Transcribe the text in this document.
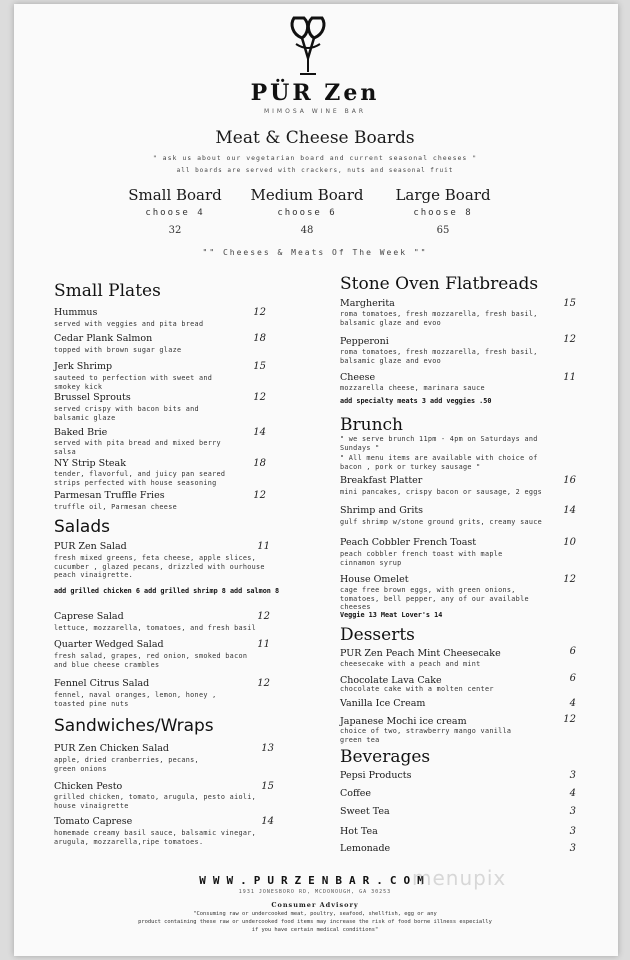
PÜR Zen
MIMOSA WINE BAR
Meat & Cheese Boards
" ask us about our vegetarian board and current seasonal cheeses "
all boards are served with crackers, nuts and seasonal fruit
Small Board
choose 4
32
Medium Board
choose 6
48
Large Board
choose 8
65
"" Cheeses & Meats Of The Week ""
Small Plates
Hummus	12
served with veggies and pita bread
Cedar Plank Salmon	18
topped with brown sugar glaze
Jerk Shrimp	15
sauteed to perfection with sweet and smokey kick
Brussel Sprouts	12
served crispy with bacon bits and balsamic glaze
Baked Brie	14
served with pita bread and mixed berry salsa
NY Strip Steak	18
tender, flavorful, and juicy pan seared strips perfected with house seasoning
Parmesan Truffle Fries	12
truffle oil, Parmesan cheese
Salads
PUR Zen Salad	11
fresh mixed greens, feta cheese, apple slices, cucumber , glazed pecans, drizzled with ourhouse peach vinaigrette.
add grilled chicken 6 add grilled shrimp 8 add salmon 8
Caprese Salad	12
lettuce, mozzarella, tomatoes, and fresh basil
Quarter Wedged Salad	11
fresh salad, grapes, red onion, smoked bacon and blue cheese crambles
Fennel Citrus Salad	12
fennel, naval oranges, lemon, honey , toasted pine nuts
Sandwiches/Wraps
PUR Zen Chicken Salad	13
apple, dried cranberries, pecans, green onions
Chicken Pesto	15
grilled chicken, tomato, arugula, pesto aioli, house vinaigrette
Tomato Caprese	14
homemade creamy basil sauce, balsamic vinegar, arugula, mozzarella,ripe tomatoes.
Stone Oven Flatbreads
Margherita	15
roma tomatoes, fresh mozzarella, fresh basil, balsamic glaze and evoo
Pepperoni	12
roma tomatoes, fresh mozzarella, fresh basil, balsamic glaze and evoo
Cheese	11
mozzarella cheese, marinara sauce
add specialty meats 3 add veggies .50
Brunch
" we serve brunch 11pm - 4pm on Saturdays and Sundays "
" All menu items are available with choice of bacon , pork or turkey sausage "
Breakfast Platter	16
mini pancakes, crispy bacon or sausage, 2 eggs
Shrimp and Grits	14
gulf shrimp w/stone ground grits, creamy sauce
Peach Cobbler French Toast	10
peach cobbler french toast with maple cinnamon syrup
House Omelet	12
cage free brown eggs, with green onions, tomatoes, bell pepper, any of our available cheeses
Veggie 13 Meat Lover's 14
Desserts
PUR Zen Peach Mint Cheesecake	6
cheesecake with a peach and mint
Chocolate Lava Cake	6
chocolate cake with a molten center
Vanilla Ice Cream	4
Japanese Mochi ice cream	12
choice of two, strawberry mango vanilla green tea
Beverages
Pepsi Products	3
Coffee	4
Sweet Tea	3
Hot Tea	3
Lemonade	3
WWW.PURZENBAR.COM
menupix
1931 JONESBORO RD, MCDONOUGH, GA 30253
Consumer Advisory
"Consuming raw or undercooked meat, poultry, seafood, shellfish, egg or any
product containing these raw or undercooked food items may increase the risk of food borne illness especially
if you have certain medical conditions"
